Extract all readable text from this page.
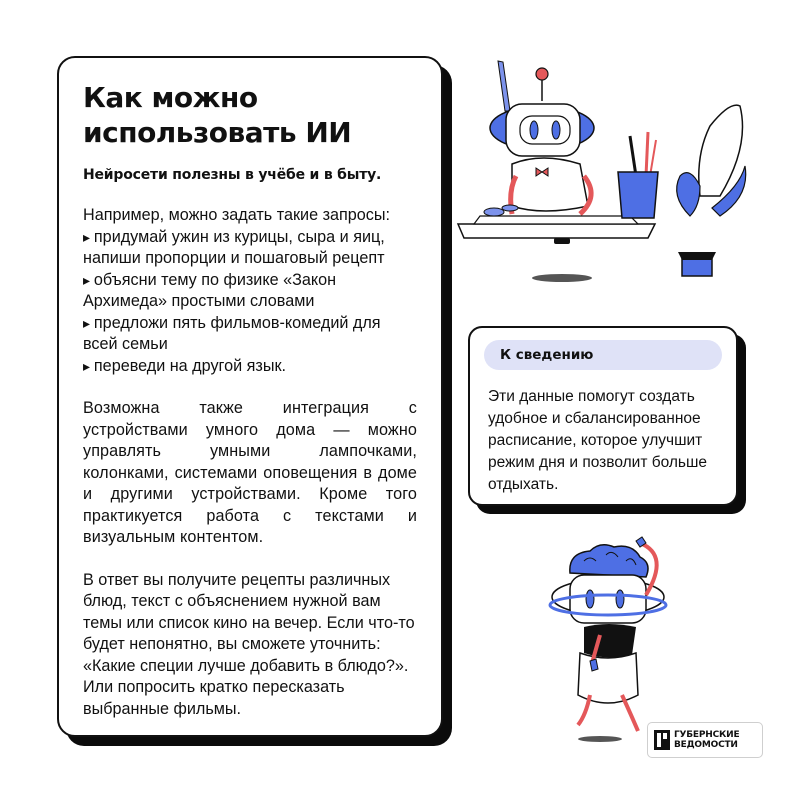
Как можно
использовать ИИ
Нейросети полезны в учёбе и в быту.
Например, можно задать такие запросы:
▸ придумай ужин из курицы, сыра и яиц, напиши пропорции и пошаговый рецепт
▸ объясни тему по физике «Закон Архимеда» простыми словами
▸ предложи пять фильмов-комедий для всей семьи
▸ переведи на другой язык.
Возможна также интеграция с устройствами умного дома — можно управлять умными лампочками, колонками, системами оповещения в доме и другими устройствами. Кроме того практикуется работа с текстами и визуальным контентом.
В ответ вы получите рецепты различных блюд, текст с объяснением нужной вам темы или список кино на вечер. Если что-то будет непонятно, вы сможете уточнить: «Какие специи лучше добавить в блюдо?». Или попросить кратко пересказать выбранные фильмы.
К сведению
Эти данные помогут создать удобное и сбалансированное расписание, которое улучшит режим дня и позволит больше отдыхать.
ГУБЕРНСКИЕ
ВЕДОМОСТИ
